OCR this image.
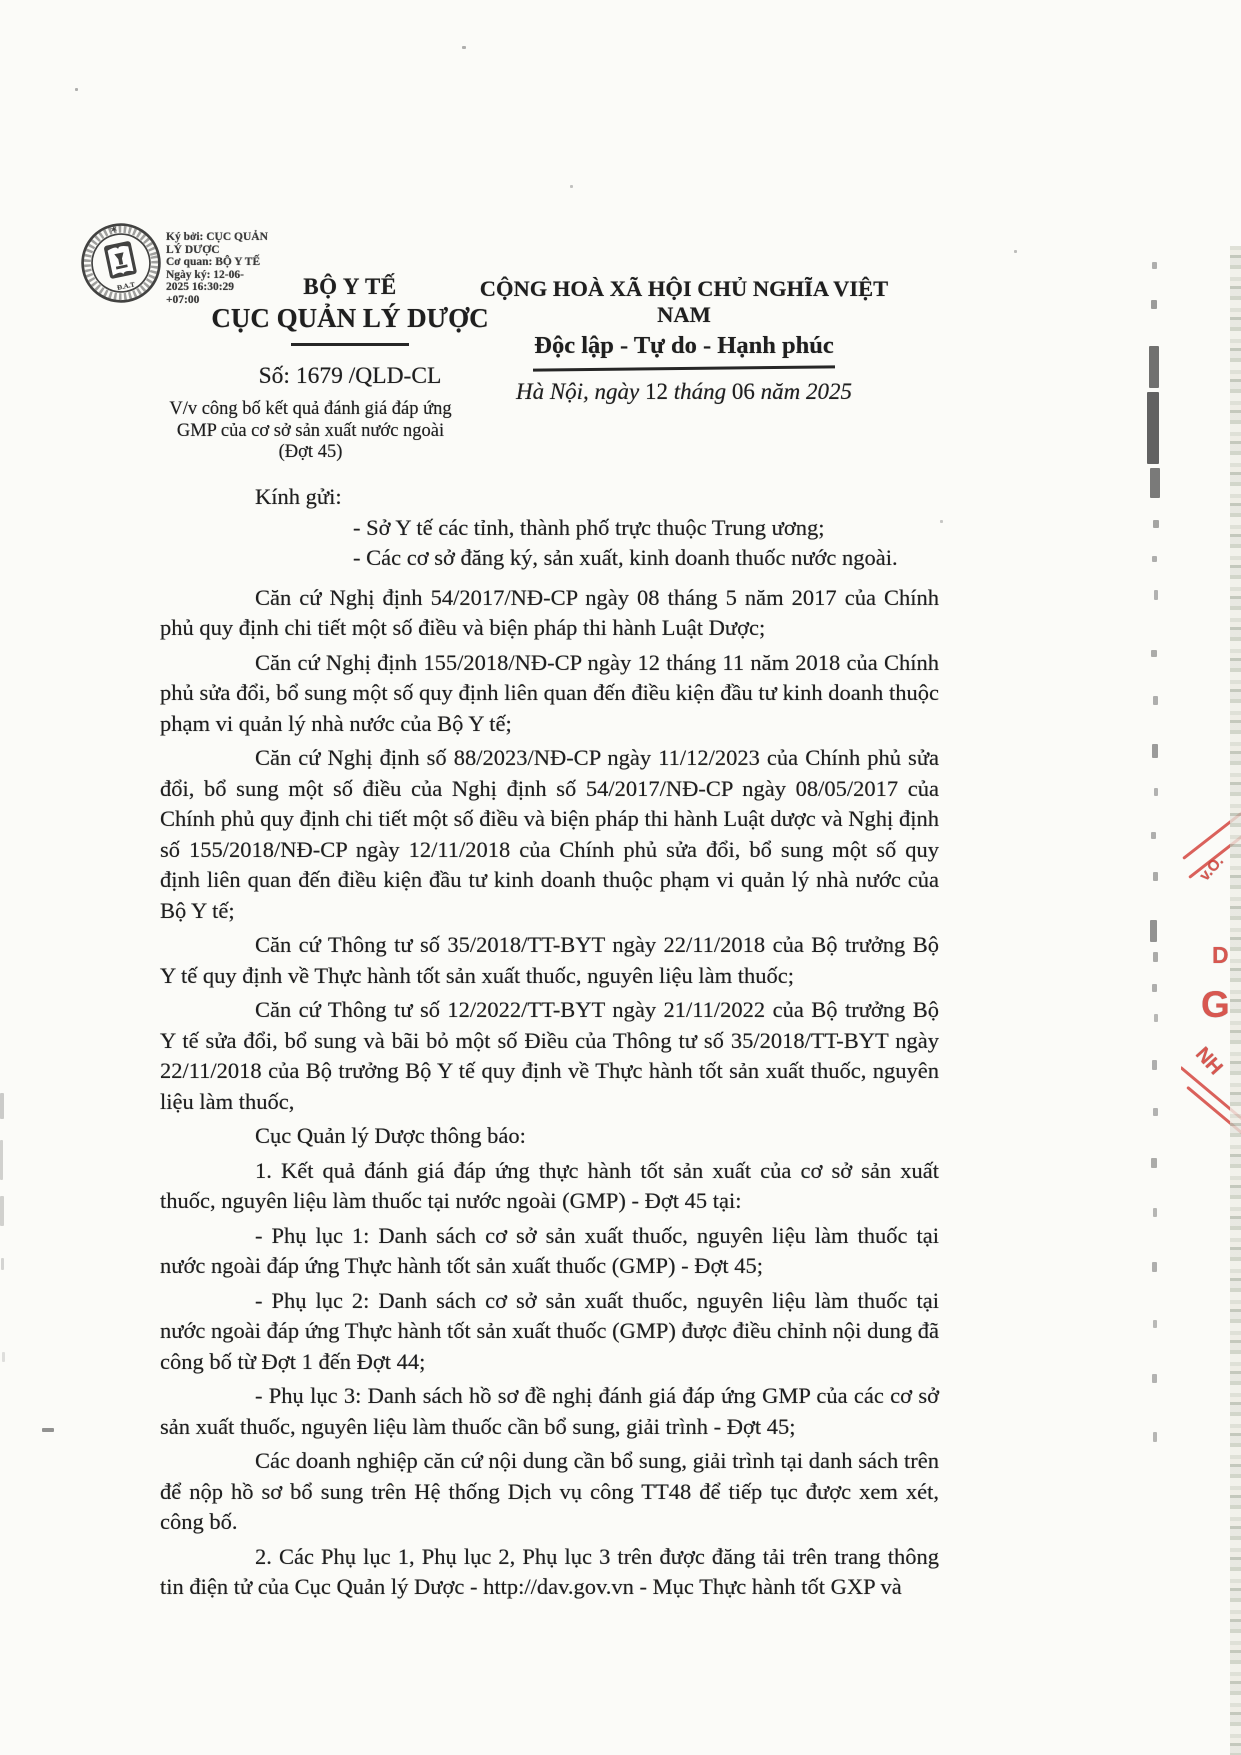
✶
Đ.A.T
Ký bởi: CỤC QUẢN
LÝ DƯỢC
Cơ quan: BỘ Y TẾ
Ngày ký: 12-06-
2025 16:30:29
+07:00
BỘ Y TẾ
CỤC QUẢN LÝ DƯỢC
Số: 1679 /QLD-CL
V/v công bố kết quả đánh giá đáp ứng
GMP của cơ sở sản xuất nước ngoài
(Đợt 45)
CỘNG HOÀ XÃ HỘI CHỦ NGHĨA VIỆT NAM
Độc lập - Tự do - Hạnh phúc
Hà Nội, ngày 12 tháng 06 năm 2025
Kính gửi:
- Sở Y tế các tỉnh, thành phố trực thuộc Trung ương;
- Các cơ sở đăng ký, sản xuất, kinh doanh thuốc nước ngoài.

Căn cứ Nghị định 54/2017/NĐ-CP ngày 08 tháng 5 năm 2017 của Chính phủ quy định chi tiết một số điều và biện pháp thi hành Luật Dược;

Căn cứ Nghị định 155/2018/NĐ-CP ngày 12 tháng 11 năm 2018 của Chính phủ sửa đổi, bổ sung một số quy định liên quan đến điều kiện đầu tư kinh doanh thuộc phạm vi quản lý nhà nước của Bộ Y tế;

Căn cứ Nghị định số 88/2023/NĐ-CP ngày 11/12/2023 của Chính phủ sửa đổi, bổ sung một số điều của Nghị định số 54/2017/NĐ-CP ngày 08/05/2017 của Chính phủ quy định chi tiết một số điều và biện pháp thi hành Luật dược và Nghị định số 155/2018/NĐ-CP ngày 12/11/2018 của Chính phủ sửa đổi, bổ sung một số quy định liên quan đến điều kiện đầu tư kinh doanh thuộc phạm vi quản lý nhà nước của Bộ Y tế;

Căn cứ Thông tư số 35/2018/TT-BYT ngày 22/11/2018 của Bộ trưởng Bộ Y tế quy định về Thực hành tốt sản xuất thuốc, nguyên liệu làm thuốc;

Căn cứ Thông tư số 12/2022/TT-BYT ngày 21/11/2022 của Bộ trưởng Bộ Y tế sửa đổi, bổ sung và bãi bỏ một số Điều của Thông tư số 35/2018/TT-BYT ngày 22/11/2018 của Bộ trưởng Bộ Y tế quy định về Thực hành tốt sản xuất thuốc, nguyên liệu làm thuốc,

Cục Quản lý Dược thông báo:

1. Kết quả đánh giá đáp ứng thực hành tốt sản xuất của cơ sở sản xuất thuốc, nguyên liệu làm thuốc tại nước ngoài (GMP) - Đợt 45 tại:

- Phụ lục 1: Danh sách cơ sở sản xuất thuốc, nguyên liệu làm thuốc tại nước ngoài đáp ứng Thực hành tốt sản xuất thuốc (GMP) - Đợt 45;

- Phụ lục 2: Danh sách cơ sở sản xuất thuốc, nguyên liệu làm thuốc tại nước ngoài đáp ứng Thực hành tốt sản xuất thuốc (GMP) được điều chỉnh nội dung đã công bố từ Đợt 1 đến Đợt 44;

- Phụ lục 3: Danh sách hồ sơ đề nghị đánh giá đáp ứng GMP của các cơ sở sản xuất thuốc, nguyên liệu làm thuốc cần bổ sung, giải trình - Đợt 45;

Các doanh nghiệp căn cứ nội dung cần bổ sung, giải trình tại danh sách trên để nộp hồ sơ bổ sung trên Hệ thống Dịch vụ công TT48 để tiếp tục được xem xét, công bố.

2. Các Phụ lục 1, Phụ lục 2, Phụ lục 3 trên được đăng tải trên trang thông tin điện tử của Cục Quản lý Dược - http://dav.gov.vn - Mục Thực hành tốt GXP và

v.O.
D
G
NH
